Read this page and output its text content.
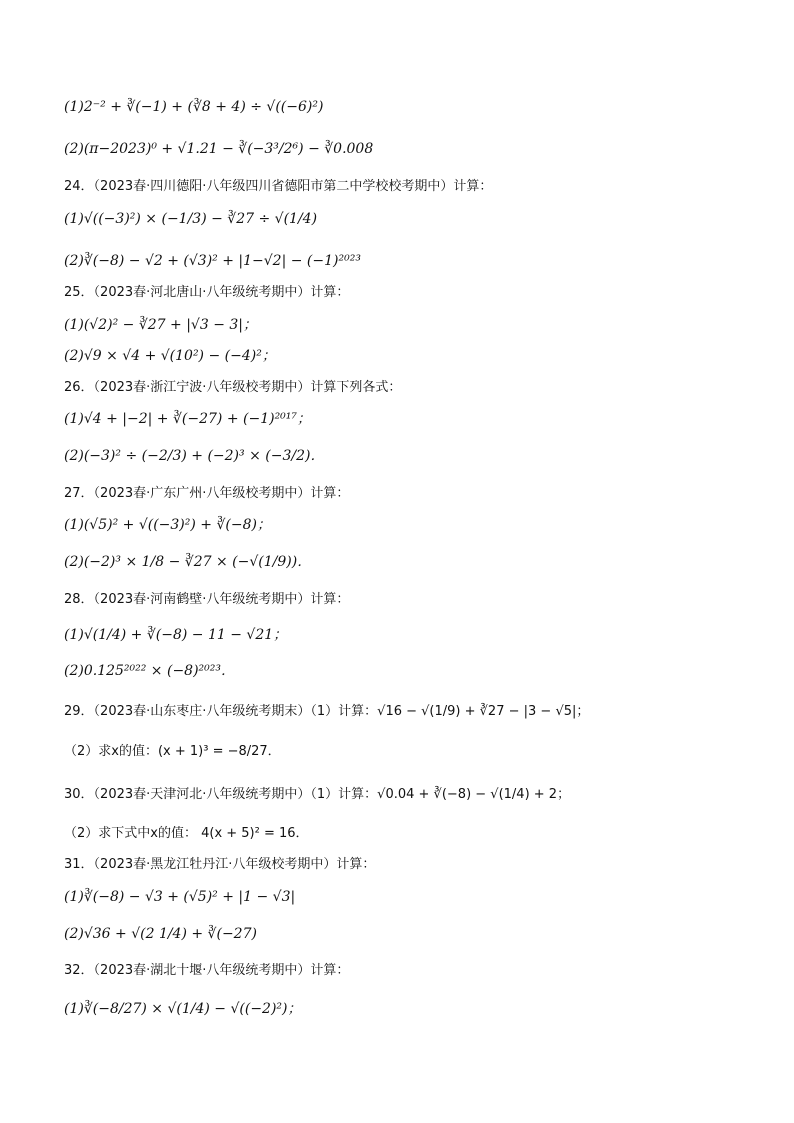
(1)2⁻² + ∛(−1) + (∛8 + 4) ÷ √((−6)²)
(2)(π−2023)⁰ + √1.21 − ∛(−3³/2⁶) − ∛0.008
24．（2023春·四川德阳·八年级四川省德阳市第二中学校校考期中）计算：
(1)√((−3)²) × (−1/3) − ∛27 ÷ √(1/4)
(2)∛(−8) − √2 + (√3)² + |1−√2| − (−1)²⁰²³
25．（2023春·河北唐山·八年级统考期中）计算：
(1)(√2)² − ∛27 + |√3 − 3|；
(2)√9 × √4 + √(10²) − (−4)²；
26．（2023春·浙江宁波·八年级校考期中）计算下列各式：
(1)√4 + |−2| + ∛(−27) + (−1)²⁰¹⁷；
(2)(−3)² ÷ (−2/3) + (−2)³ × (−3/2)．
27．（2023春·广东广州·八年级校考期中）计算：
(1)(√5)² + √((−3)²) + ∛(−8)；
(2)(−2)³ × 1/8 − ∛27 × (−√(1/9))．
28．（2023春·河南鹤壁·八年级统考期中）计算：
(1)√(1/4) + ∛(−8) − 11 − √21；
(2)0.125²⁰²² × (−8)²⁰²³．
29．（2023春·山东枣庄·八年级统考期末）（1）计算：√16 − √(1/9) + ∛27 − |3 − √5|；
（2）求x的值：(x + 1)³ = −8/27．
30．（2023春·天津河北·八年级统考期中）（1）计算：√0.04 + ∛(−8) − √(1/4) + 2；
（2）求下式中x的值： 4(x + 5)² = 16．
31．（2023春·黑龙江牡丹江·八年级校考期中）计算：
(1)∛(−8) − √3 + (√5)² + |1 − √3|
(2)√36 + √(2 1/4) + ∛(−27)
32．（2023春·湖北十堰·八年级统考期中）计算：
(1)∛(−8/27) × √(1/4) − √((−2)²)；
